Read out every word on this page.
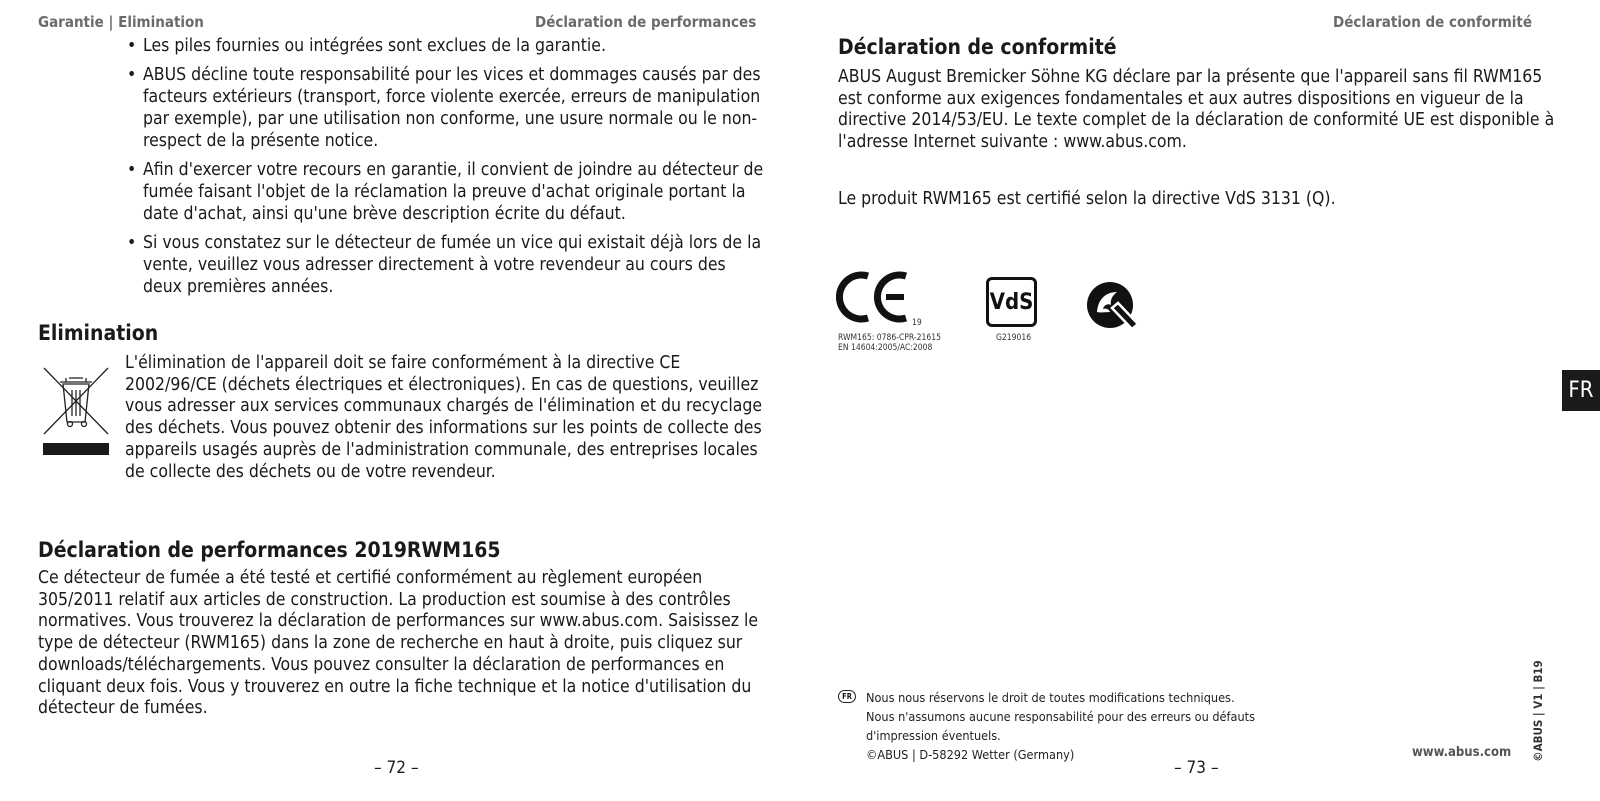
Garantie | Elimination	Déclaration de performances
• Les piles fournies ou intégrées sont exclues de la garantie.
• ABUS décline toute responsabilité pour les vices et dommages causés par des facteurs extérieurs (transport, force violente exercée, erreurs de manipulation par exemple), par une utilisation non conforme, une usure normale ou le non-respect de la présente notice.
• Afin d'exercer votre recours en garantie, il convient de joindre au détecteur de fumée faisant l'objet de la réclamation la preuve d'achat originale portant la date d'achat, ainsi qu'une brève description écrite du défaut.
• Si vous constatez sur le détecteur de fumée un vice qui existait déjà lors de la vente, veuillez vous adresser directement à votre revendeur au cours des deux premières années.
Elimination

L'élimination de l'appareil doit se faire conformément à la directive CE 2002/96/CE (déchets électriques et électroniques). En cas de questions, veuillez vous adresser aux services communaux chargés de l'élimination et du recyclage des déchets. Vous pouvez obtenir des informations sur les points de collecte des appareils usagés auprès de l'administration communale, des entreprises locales de collecte des déchets ou de votre revendeur.

Déclaration de performances 2019RWM165

Ce détecteur de fumée a été testé et certifié conformément au règlement européen 305/2011 relatif aux articles de construction. La production est soumise à des contrôles normatives. Vous trouverez la déclaration de performances sur www.abus.com. Saisissez le type de détecteur (RWM165) dans la zone de recherche en haut à droite, puis cliquez sur downloads/téléchargements. Vous pouvez consulter la déclaration de performances en cliquant deux fois. Vous y trouverez en outre la fiche technique et la notice d'utilisation du détecteur de fumées.

– 72 –
Déclaration de conformité
Déclaration de conformité

ABUS August Bremicker Söhne KG déclare par la présente que l'appareil sans fil RWM165 est conforme aux exigences fondamentales et aux autres dispositions en vigueur de la directive 2014/53/EU. Le texte complet de la déclaration de conformité UE est disponible à l'adresse Internet suivante : www.abus.com.

Le produit RWM165 est certifié selon la directive VdS 3131 (Q).

19
RWM165: 0786-CPR-21615
EN 14604:2005/AC:2008
VdS
G219016
FR
FR	Nous nous réservons le droit de toutes modifications techniques.
Nous n'assumons aucune responsabilité pour des erreurs ou défauts
d'impression éventuels.
©ABUS | D-58292 Wetter (Germany)	www.abus.com ©ABUS | V1 | B19
– 73 –
